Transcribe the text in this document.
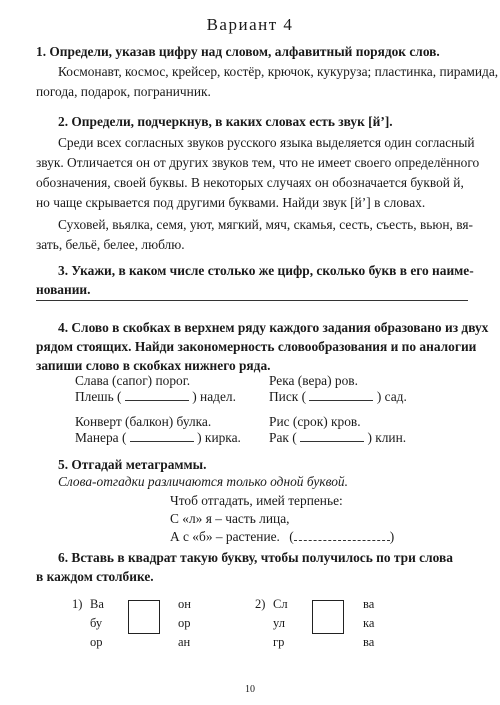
Вариант 4
1. Определи, указав цифру над словом, алфавитный порядок слов.

Космонавт, космос, крейсер, костёр, крючок, кукуруза; пластинка, пирамида,

погода, подарок, пограничник.

2. Определи, подчеркнув, в каких словах есть звук [й’].

Среди всех согласных звуков русского языка выделяется один согласный

звук. Отличается он от других звуков тем, что не имеет своего определённого

обозначения, своей буквы. В некоторых случаях он обозначается буквой й,

но чаще скрывается под другими буквами. Найди звук [й’] в словах.

Суховей, вьялка, семя, уют, мягкий, мяч, скамья, сесть, съесть, вьюн, вя-

зать, бельё, белее, люблю.

3. Укажи, в каком числе столько же цифр, сколько букв в его наиме-
новании.
4. Слово в скобках в верхнем ряду каждого задания образовано из двух
рядом стоящих. Найди закономерность словообразования и по аналогии
запиши слово в скобках нижнего ряда.
Слава (сапог) порог.
Плешь (	) надел.
Конверт (балкон) булка.
Манера (	) кирка.
Река (вера) ров.
Писк (	) сад.
Рис (срок) кров.
Рак (	) клин.
5. Отгадай метаграммы.
Слова-отгадки различаются только одной буквой.
Чтоб отгадать, имей терпенье:
С «л» я – часть лица,
А с «б» – растение. (	)
6. Вставь в квадрат такую букву, чтобы получилось по три слова
в каждом столбике.
1) Ва
бу
ор
он
ор
ан
2) Сл
ул
гр
ва
ка
ва
10
